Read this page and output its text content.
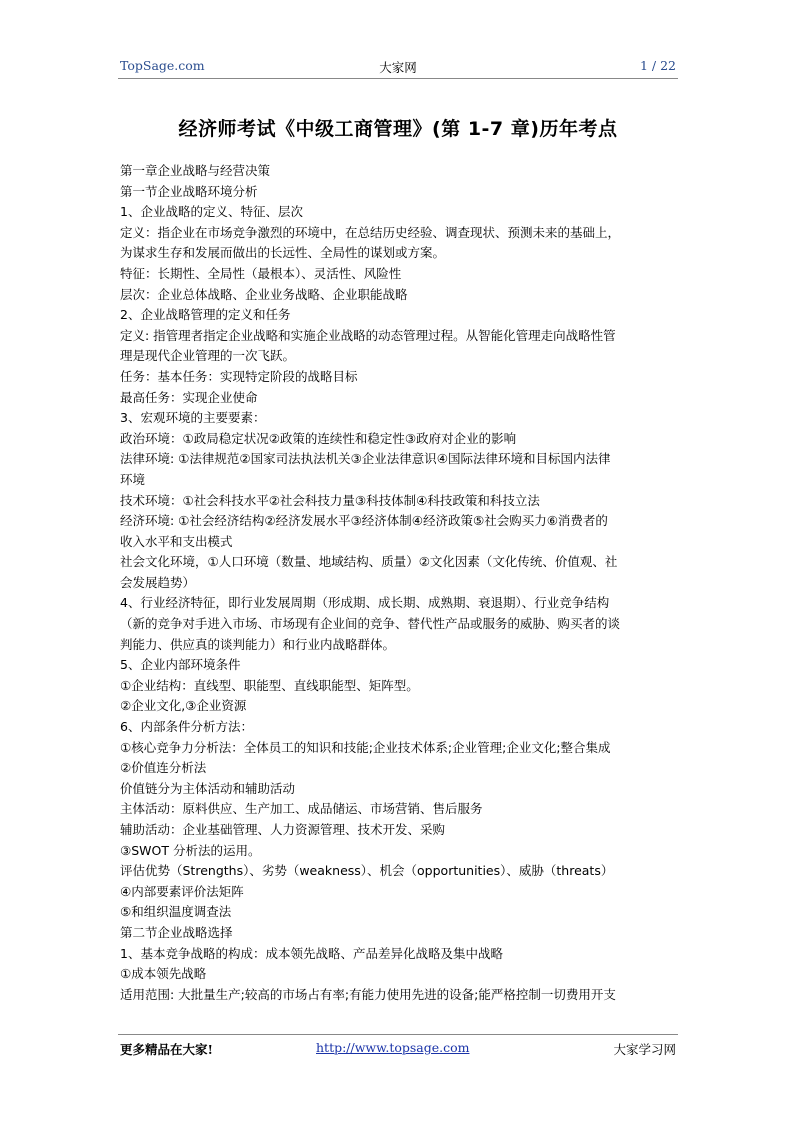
TopSage.com	大家网	1 / 22
经济师考试《中级工商管理》(第 1-7 章)历年考点
第一章企业战略与经营决策
第一节企业战略环境分析
1、企业战略的定义、特征、层次
定义：指企业在市场竞争激烈的环境中，在总结历史经验、调查现状、预测未来的基础上，
为谋求生存和发展而做出的长远性、全局性的谋划或方案。
特征：长期性、全局性（最根本）、灵活性、风险性
层次：企业总体战略、企业业务战略、企业职能战略
2、企业战略管理的定义和任务
定义: 指管理者指定企业战略和实施企业战略的动态管理过程。从智能化管理走向战略性管
理是现代企业管理的一次飞跃。
任务：基本任务：实现特定阶段的战略目标
最高任务：实现企业使命
3、宏观环境的主要要素：
政治环境：①政局稳定状况②政策的连续性和稳定性③政府对企业的影响
法律环境: ①法律规范②国家司法执法机关③企业法律意识④国际法律环境和目标国内法律
环境
技术环境：①社会科技水平②社会科技力量③科技体制④科技政策和科技立法
经济环境: ①社会经济结构②经济发展水平③经济体制④经济政策⑤社会购买力⑥消费者的
收入水平和支出模式
社会文化环境，①人口环境（数量、地域结构、质量）②文化因素（文化传统、价值观、社
会发展趋势）
4、行业经济特征，即行业发展周期（形成期、成长期、成熟期、衰退期）、行业竞争结构
（新的竞争对手进入市场、市场现有企业间的竞争、替代性产品或服务的威胁、购买者的谈
判能力、供应真的谈判能力）和行业内战略群体。
5、企业内部环境条件
①企业结构：直线型、职能型、直线职能型、矩阵型。
②企业文化,③企业资源
6、内部条件分析方法：
①核心竞争力分析法：全体员工的知识和技能;企业技术体系;企业管理;企业文化;整合集成
②价值连分析法
价值链分为主体活动和辅助活动
主体活动：原料供应、生产加工、成品储运、市场营销、售后服务
辅助活动：企业基础管理、人力资源管理、技术开发、采购
③SWOT 分析法的运用。
评估优势（Strengths）、劣势（weakness）、机会（opportunities）、威胁（threats）
④内部要素评价法矩阵
⑤和组织温度调查法
第二节企业战略选择
1、基本竞争战略的构成：成本领先战略、产品差异化战略及集中战略
①成本领先战略
适用范围: 大批量生产;较高的市场占有率;有能力使用先进的设备;能严格控制一切费用开支
更多精品在大家!	http://www.topsage.com	大家学习网
